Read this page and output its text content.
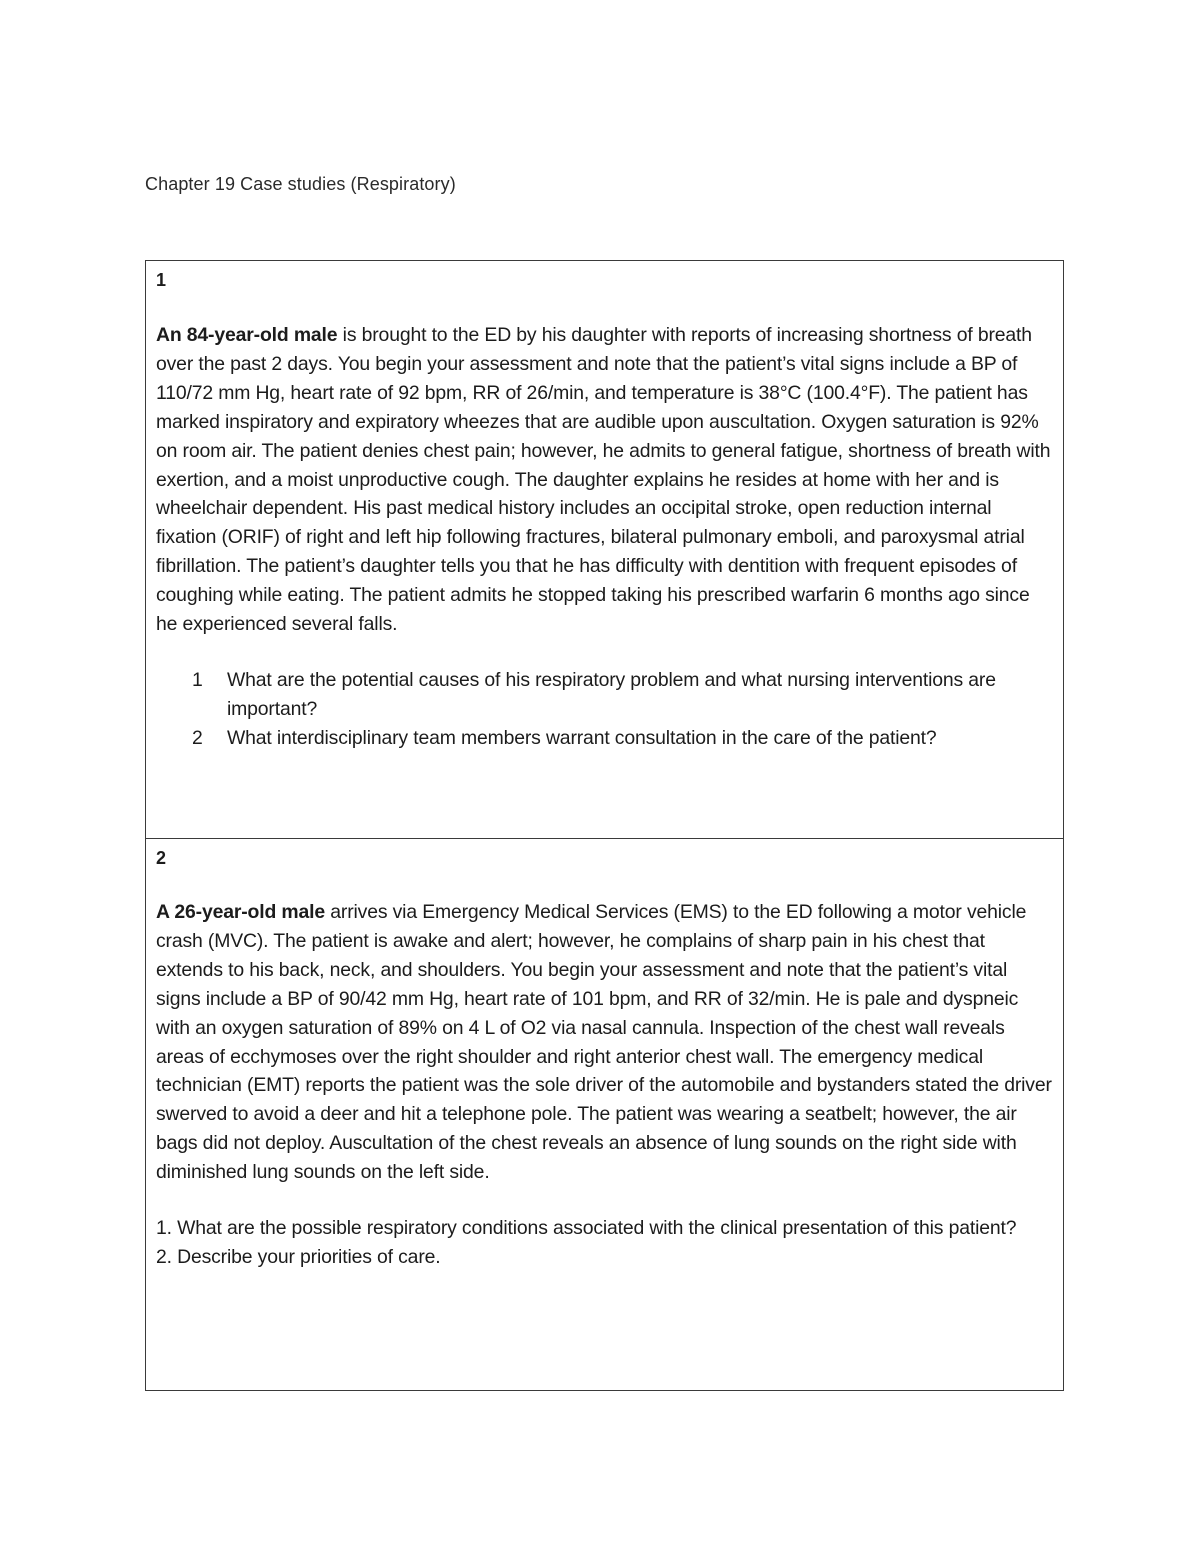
Chapter 19 Case studies (Respiratory)
1

An 84-year-old male is brought to the ED by his daughter with reports of increasing shortness of breath over the past 2 days. You begin your assessment and note that the patient’s vital signs include a BP of 110/72 mm Hg, heart rate of 92 bpm, RR of 26/min, and temperature is 38°C (100.4°F). The patient has marked inspiratory and expiratory wheezes that are audible upon auscultation. Oxygen saturation is 92% on room air. The patient denies chest pain; however, he admits to general fatigue, shortness of breath with exertion, and a moist unproductive cough. The daughter explains he resides at home with her and is wheelchair dependent. His past medical history includes an occipital stroke, open reduction internal fixation (ORIF) of right and left hip following fractures, bilateral pulmonary emboli, and paroxysmal atrial fibrillation. The patient’s daughter tells you that he has difficulty with dentition with frequent episodes of coughing while eating. The patient admits he stopped taking his prescribed warfarin 6 months ago since he experienced several falls.

1	What are the potential causes of his respiratory problem and what nursing interventions are important?
2	What interdisciplinary team members warrant consultation in the care of the patient?
2

A 26-year-old male arrives via Emergency Medical Services (EMS) to the ED following a motor vehicle crash (MVC). The patient is awake and alert; however, he complains of sharp pain in his chest that extends to his back, neck, and shoulders. You begin your assessment and note that the patient’s vital signs include a BP of 90/42 mm Hg, heart rate of 101 bpm, and RR of 32/min. He is pale and dyspneic with an oxygen saturation of 89% on 4 L of O2 via nasal cannula. Inspection of the chest wall reveals areas of ecchymoses over the right shoulder and right anterior chest wall. The emergency medical technician (EMT) reports the patient was the sole driver of the automobile and bystanders stated the driver swerved to avoid a deer and hit a telephone pole. The patient was wearing a seatbelt; however, the air bags did not deploy. Auscultation of the chest reveals an absence of lung sounds on the right side with diminished lung sounds on the left side.

1. What are the possible respiratory conditions associated with the clinical presentation of this patient?
2. Describe your priorities of care.
